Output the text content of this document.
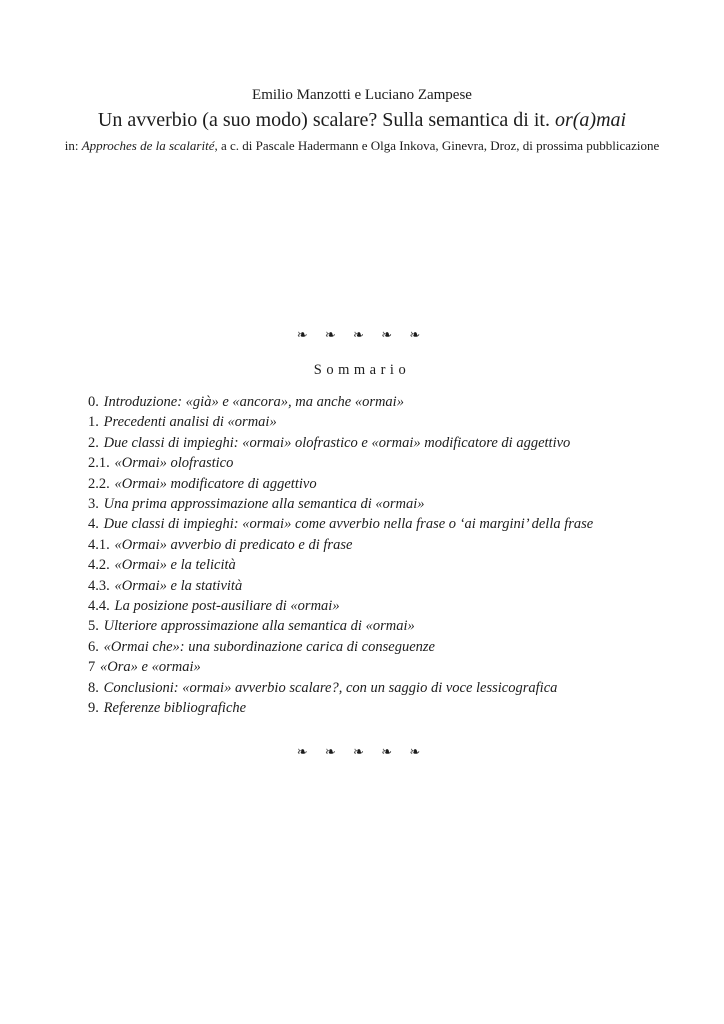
Emilio Manzotti e Luciano Zampese
Un avverbio (a suo modo) scalare? Sulla semantica di it. or(a)mai
in: Approches de la scalarité, a c. di Pascale Hadermann e Olga Inkova, Ginevra, Droz, di prossima pubblicazione
❧ ❧ ❧ ❧ ❧
Sommario
0. Introduzione: «già» e «ancora», ma anche «ormai»
1. Precedenti analisi di «ormai»
2. Due classi di impieghi: «ormai» olofrastico e «ormai» modificatore di aggettivo
2.1. «Ormai» olofrastico
2.2. «Ormai» modificatore di aggettivo
3. Una prima approssimazione alla semantica di «ormai»
4. Due classi di impieghi: «ormai» come avverbio nella frase o ‘ai margini’ della frase
4.1. «Ormai» avverbio di predicato e di frase
4.2. «Ormai» e la telicità
4.3. «Ormai» e la statività
4.4. La posizione post-ausiliare di «ormai»
5. Ulteriore approssimazione alla semantica di «ormai»
6. «Ormai che»: una subordinazione carica di conseguenze
7 «Ora» e «ormai»
8. Conclusioni: «ormai» avverbio scalare?, con un saggio di voce lessicografica
9. Referenze bibliografiche
❧ ❧ ❧ ❧ ❧
